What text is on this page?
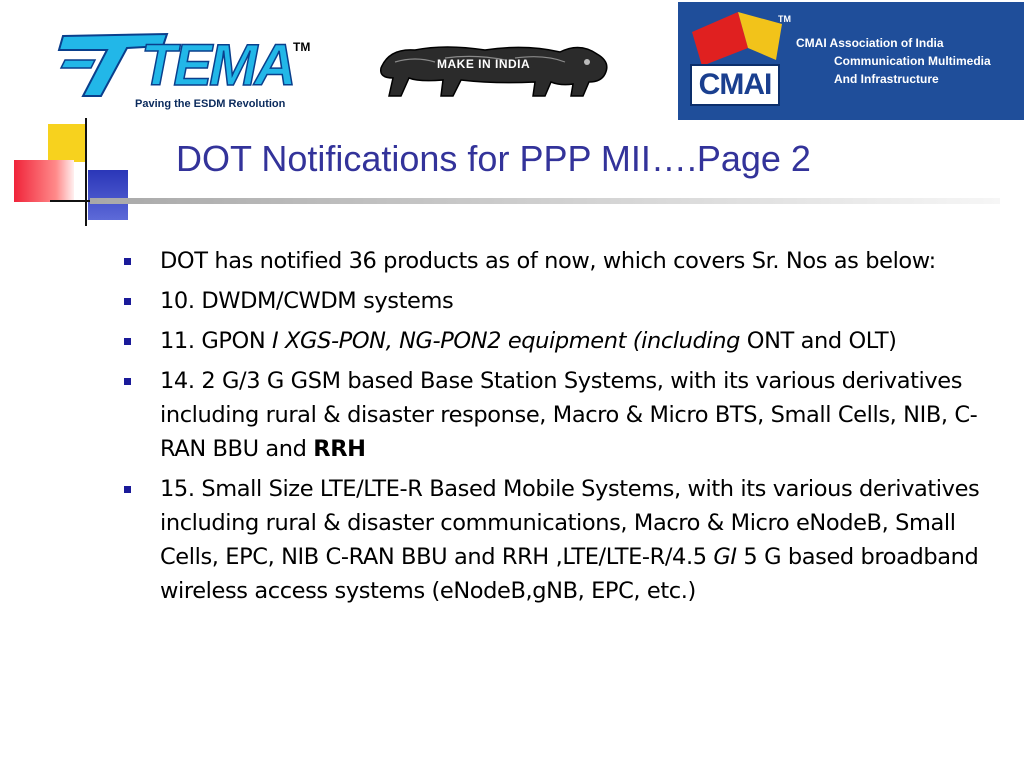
TEMA TM
Paving the ESDM Revolution
MAKE IN INDIA
CMAI
TM
CMAI Association of India
Communication Multimedia
And Infrastructure
DOT Notifications for PPP MII….Page 2
DOT has notified 36 products as of now, which covers Sr. Nos as below:
10. DWDM/CWDM systems
11. GPON I XGS-PON, NG-PON2 equipment (including ONT and OLT)
14. 2 G/3 G GSM based Base Station Systems, with its various derivatives including rural & disaster response, Macro & Micro BTS, Small Cells, NIB, C-RAN BBU and RRH
15. Small Size LTE/LTE-R Based Mobile Systems, with its various derivatives including rural & disaster communications, Macro & Micro eNodeB, Small Cells, EPC, NIB C-RAN BBU and RRH ,LTE/LTE-R/4.5 GI 5 G based broadband wireless access systems (eNodeB,gNB, EPC, etc.)
